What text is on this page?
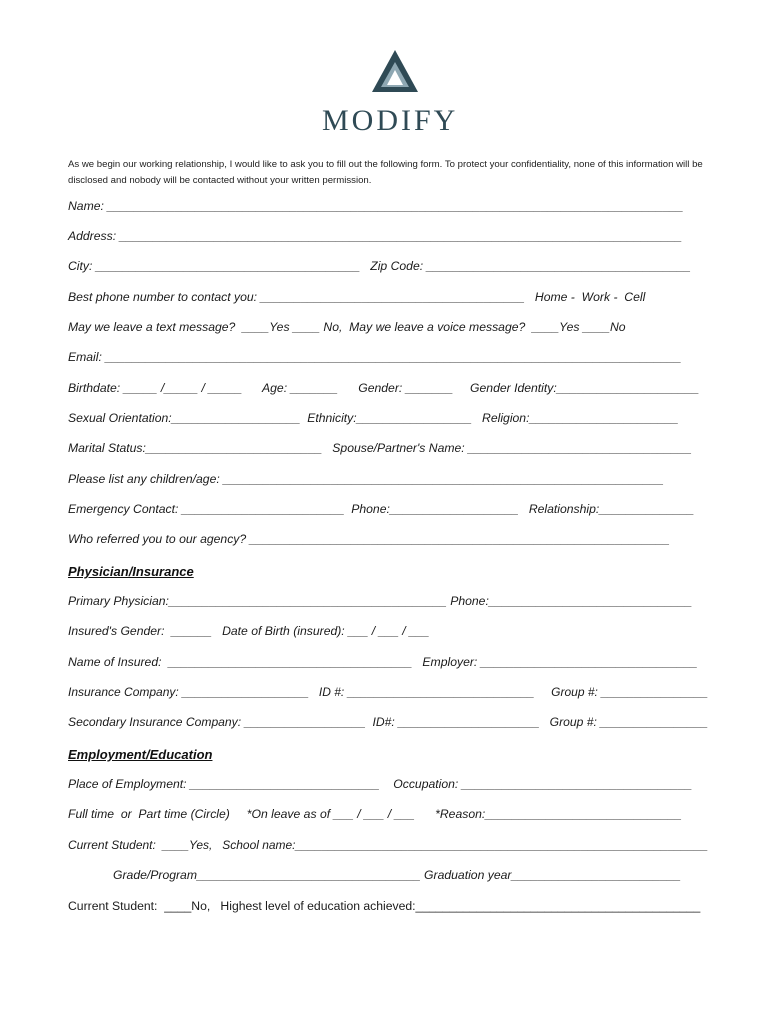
MODIFY
As we begin our working relationship, I would like to ask you to fill out the following form. To protect your confidentiality, none of this information will be disclosed and nobody will be contacted without your written permission.
Name: _____________________________________________________________________________________
Address: ___________________________________________________________________________________
City: _______________________________________   Zip Code: _______________________________________
Best phone number to contact you: _______________________________________   Home -  Work -  Cell
May we leave a text message?  ____Yes ____ No,  May we leave a voice message?  ____Yes ____No
Email: _____________________________________________________________________________________
Birthdate: _____ /_____ / _____      Age: _______      Gender: _______     Gender Identity:_____________________
Sexual Orientation:___________________  Ethnicity:_________________   Religion:______________________
Marital Status:__________________________   Spouse/Partner's Name: _________________________________
Please list any children/age: _________________________________________________________________
Emergency Contact: ________________________  Phone:___________________   Relationship:______________
Who referred you to our agency? ______________________________________________________________
Physician/Insurance
Primary Physician:_________________________________________ Phone:______________________________
Insured's Gender:  ______   Date of Birth (insured): ___ / ___ / ___
Name of Insured:  ____________________________________   Employer: ________________________________
Insurance Company: ___________________   ID #: ____________________________     Group #: ________________
Secondary Insurance Company: __________________  ID#: _____________________   Group #: ________________
Employment/Education
Place of Employment: ____________________________    Occupation: __________________________________
Full time  or  Part time (Circle)     *On leave as of ___ / ___ / ___      *Reason:_____________________________
Current Student:  ____Yes,   School name:______________________________________________________________
Grade/Program_________________________________ Graduation year_________________________
Current Student:  ____No,   Highest level of education achieved:__________________________________________
